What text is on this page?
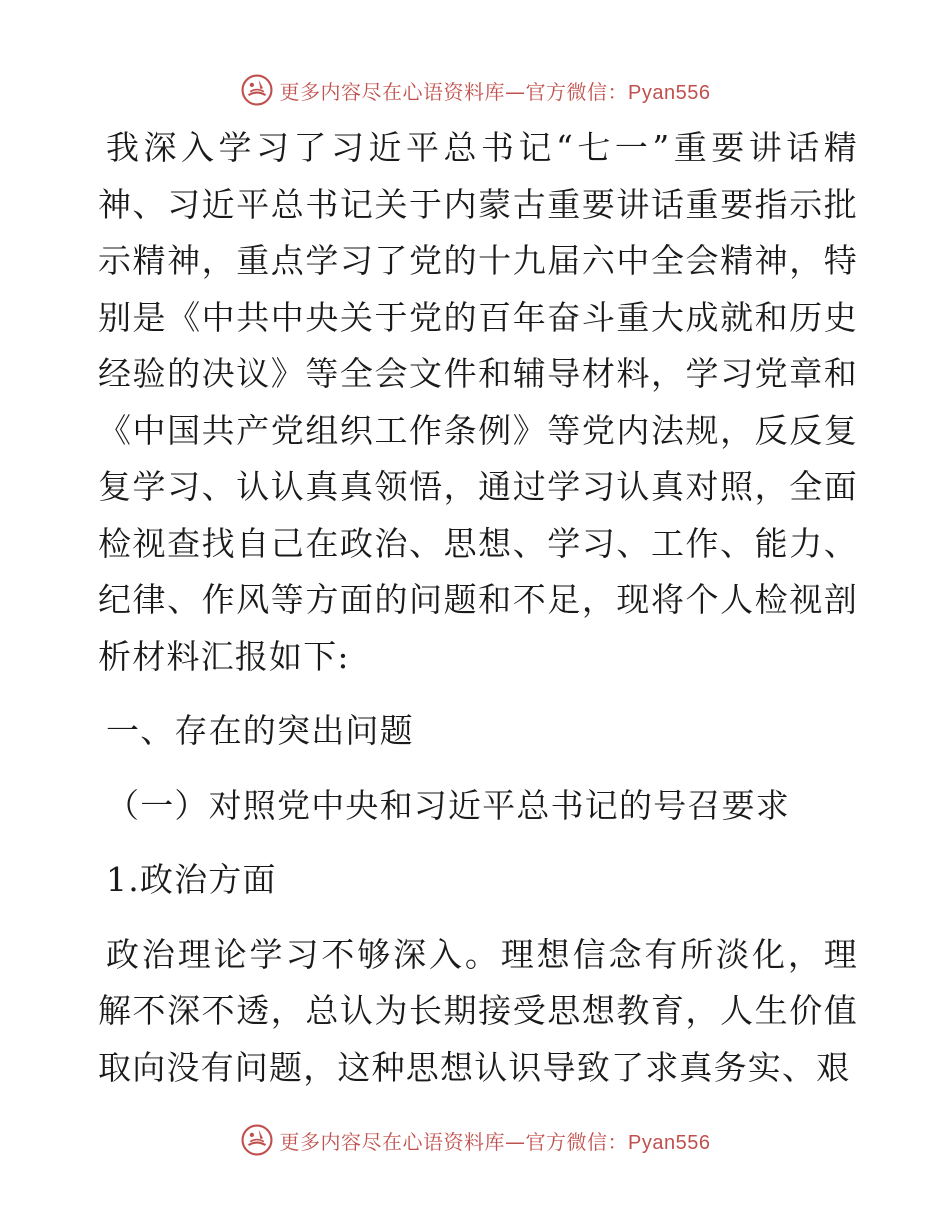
更多内容尽在心语资料库—官方微信：Pyan556

我深入学习了习近平总书记“七一”重要讲话精神、习近平总书记关于内蒙古重要讲话重要指示批示精神，重点学习了党的十九届六中全会精神，特别是《中共中央关于党的百年奋斗重大成就和历史经验的决议》等全会文件和辅导材料，学习党章和《中国共产党组织工作条例》等党内法规，反反复复学习、认认真真领悟，通过学习认真对照，全面检视查找自己在政治、思想、学习、工作、能力、纪律、作风等方面的问题和不足，现将个人检视剖析材料汇报如下:

一、存在的突出问题

（一）对照党中央和习近平总书记的号召要求

1.政治方面

政治理论学习不够深入。理想信念有所淡化，理解不深不透，总认为长期接受思想教育，人生价值取向没有问题，这种思想认识导致了求真务实、艰

更多内容尽在心语资料库—官方微信：Pyan556
